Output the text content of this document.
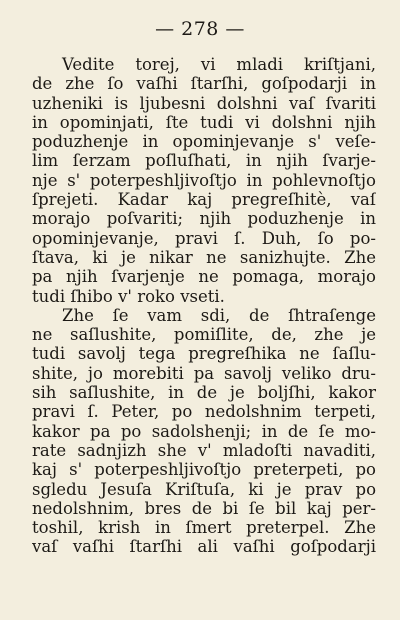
— 278 —
Vedite torej, vi mladi kriſtjani,
de zhe ſo vaſhi ſtarſhi, goſpodarji in
uzheniki is ljubesni dolshni vaſ ſvariti
in opominjati, ſte tudi vi dolshni njih
poduzhenje in opominjevanje s' veſe-
lim ſerzam poſluſhati, in njih ſvarje-
nje s' poterpeshljivoſtjo in pohlevnoſtjo
ſprejeti. Kadar kaj pregreſhitè, vaſ
morajo poſvariti; njih poduzhenje in
opominjevanje, pravi ſ. Duh, ſo po-
ſtava, ki je nikar ne sanizhujte. Zhe
pa njih ſvarjenje ne pomaga, morajo
tudi ſhibo v' roko vseti.
Zhe ſe vam sdi, de ſhtraſenge
ne saſlushite, pomiſlite, de, zhe je
tudi savolj tega pregreſhika ne ſaſlu-
shite, jo morebiti pa savolj veliko dru-
sih saſlushite, in de je boljſhi, kakor
pravi ſ. Peter, po nedolshnim terpeti,
kakor pa po sadolshenji; in de ſe mo-
rate sadnjizh she v' mladoſti navaditi,
kaj s' poterpeshljivoſtjo preterpeti, po
sgledu Jesuſa Kriſtuſa, ki je prav po
nedolshnim, bres de bi ſe bil kaj per-
toshil, krish in ſmert preterpel. Zhe
vaſ vaſhi ſtarſhi ali vaſhi goſpodarji
